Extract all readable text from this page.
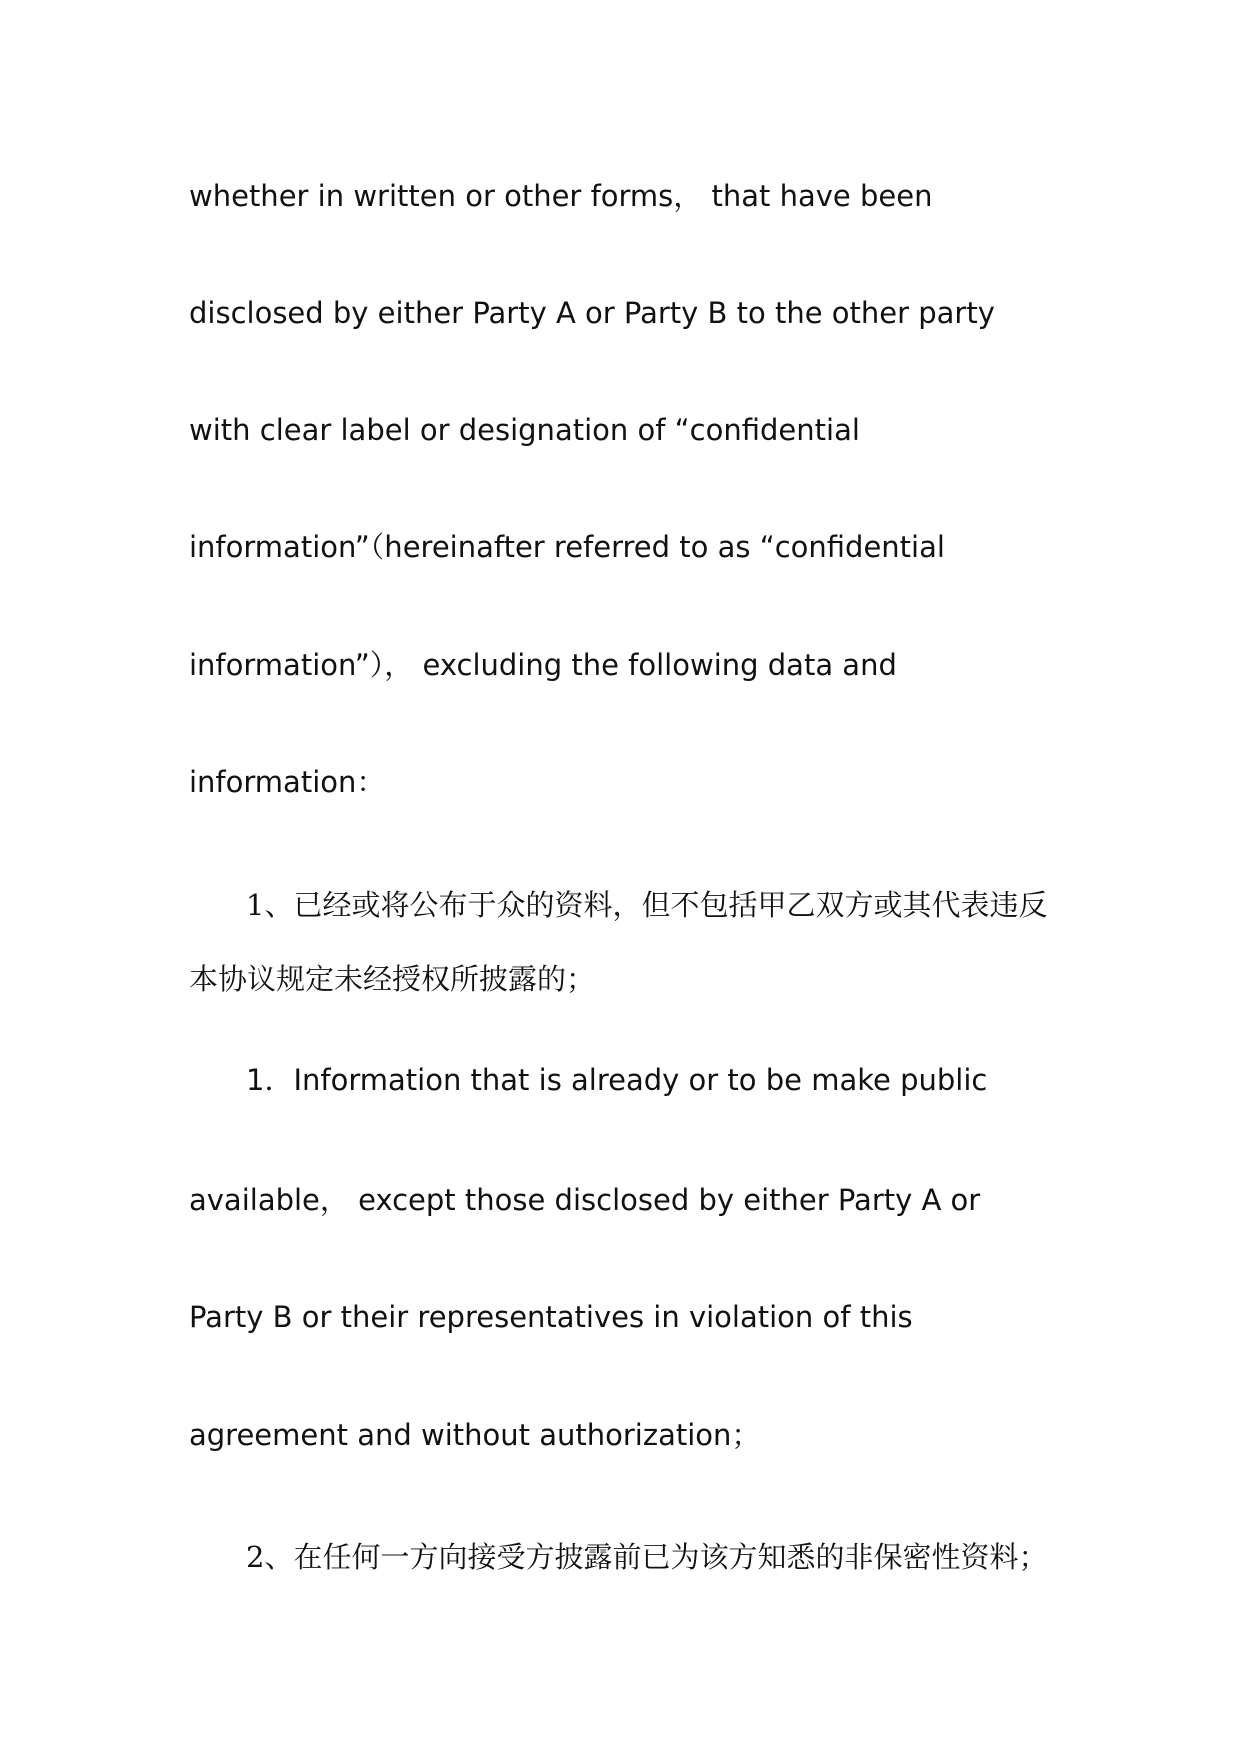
whether in written or other forms， that have been
disclosed by either Party A or Party B to the other party
with clear label or designation of “confidential
information”（hereinafter referred to as “confidential
information”）， excluding the following data and
information：
1、已经或将公布于众的资料，但不包括甲乙双方或其代表违反
本协议规定未经授权所披露的；
1．Information that is already or to be make public
available， except those disclosed by either Party A or
Party B or their representatives in violation of this
agreement and without authorization；
2、在任何一方向接受方披露前已为该方知悉的非保密性资料；
